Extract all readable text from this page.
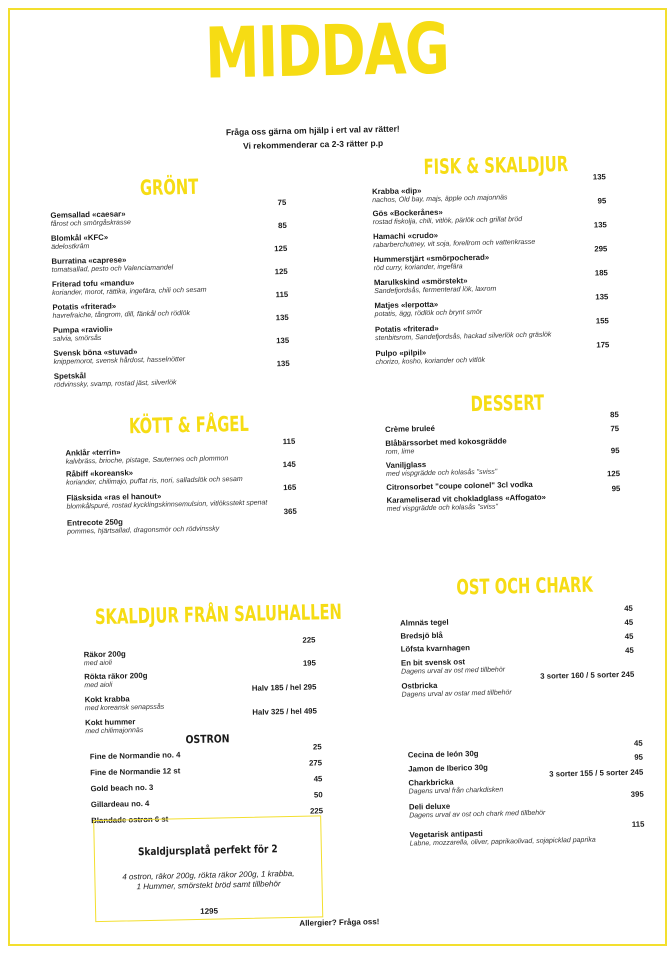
MIDDAG
Fråga oss gärna om hjälp i ert val av rätter!
Vi rekommenderar ca 2-3 rätter p.p
GRÖNT
Gemsallad «caesar»
fårost och smörgåskrasse
75
Blomkål «KFC»
ädelostkräm
85
Burratina «caprese»
tomatsallad, pesto och Valenciamandel
125
Friterad tofu «mandu»
koriander, morot, rättika, ingefära, chili och sesam
125
Potatis «friterad»
havrefraiche, tångrom, dill, fänkål och rödlök
115
Pumpa «ravioli»
salvia, smörsås
135
Svensk böna «stuvad»
knippemorot, svensk hårdost, hasselnötter
135
Spetskål
rödvinssky, svamp, rostad jäst, silverlök
135
KÖTT & FÅGEL
Anklår «terrin»
kalvbräss, brioche, pistage, Sauternes och plommon
115
Råbiff «koreansk»
koriander, chilimajo, puffat ris, nori, salladslök och sesam
145
Fläsksida «ras el hanout»
blomkålspuré, rostad kycklingskinnsemulsion, vitlöksstekt spenat
165
Entrecote 250g
pommes, hjärtsallad, dragonsmör och rödvinssky
365
SKALDJUR FRÅN SALUHALLEN
Räkor 200g
med aioli
225
Rökta räkor 200g
med aioli
195
Kokt krabba
med koreansk senapssås
Halv 185 / hel 295
Kokt hummer
med chilimajonnäs
Halv 325 / hel 495
OSTRON
Fine de Normandie no. 4
25
Fine de Normandie 12 st
275
Gold beach no. 3
45
Gillardeau no. 4
50
Blandade ostron 6 st
225
Skaldjursplatå perfekt för 2
4 ostron, räkor 200g, rökta räkor 200g, 1 krabba,
1 Hummer, smörstekt bröd samt tillbehör
1295
FISK & SKALDJUR
Krabba «dip»
nachos, Old bay, majs, äpple och majonnäs
135
Gös «Bockerånes»
rostad fiskolja, chili, vitlök, pärlök och grillat bröd
95
Hamachi «crudo»
rabarberchutney, vit soja, forellrom och vattenkrasse
135
Hummerstjärt «smörpocherad»
röd curry, koriander, ingefära
295
Marulkskind «smörstekt»
Sandefjordsås, fermenterad lök, laxrom
185
Matjes «lerpotta»
potatis, ägg, rödlök och brynt smör
135
Potatis «friterad»
stenbitsrom, Sandefjordsås, hackad silverlök och gräslök
155
Pulpo «pilpil»
chorizo, kosho, koriander och vitlök
175
DESSERT
Crème bruleé
85
Blåbärssorbet med kokosgrädde
rom, lime
75
Vaniljglass
med vispgrädde och kolasås "sviss"
95
Citronsorbet "coupe colonel" 3cl vodka
125
Karameliserad vit chokladglass «Affogato»
med vispgrädde och kolasås "sviss"
95
OST OCH CHARK
Almnäs tegel
45
Bredsjö blå
45
Löfsta kvarnhagen
45
En bit svensk ost
Dagens urval av ost med tillbehör
45
Ostbricka
Dagens urval av ostar med tillbehör
3 sorter 160 / 5 sorter 245
Cecina de león 30g
45
Jamon de Iberico 30g
95
Charkbricka
Dagens urval från charkdisken
3 sorter 155 / 5 sorter 245
Deli deluxe
Dagens urval av ost och chark med tillbehör
395
Vegetarisk antipasti
Labne, mozzarella, oliver, paprikaolivad, sojapicklad paprika
115
Allergier? Fråga oss!
